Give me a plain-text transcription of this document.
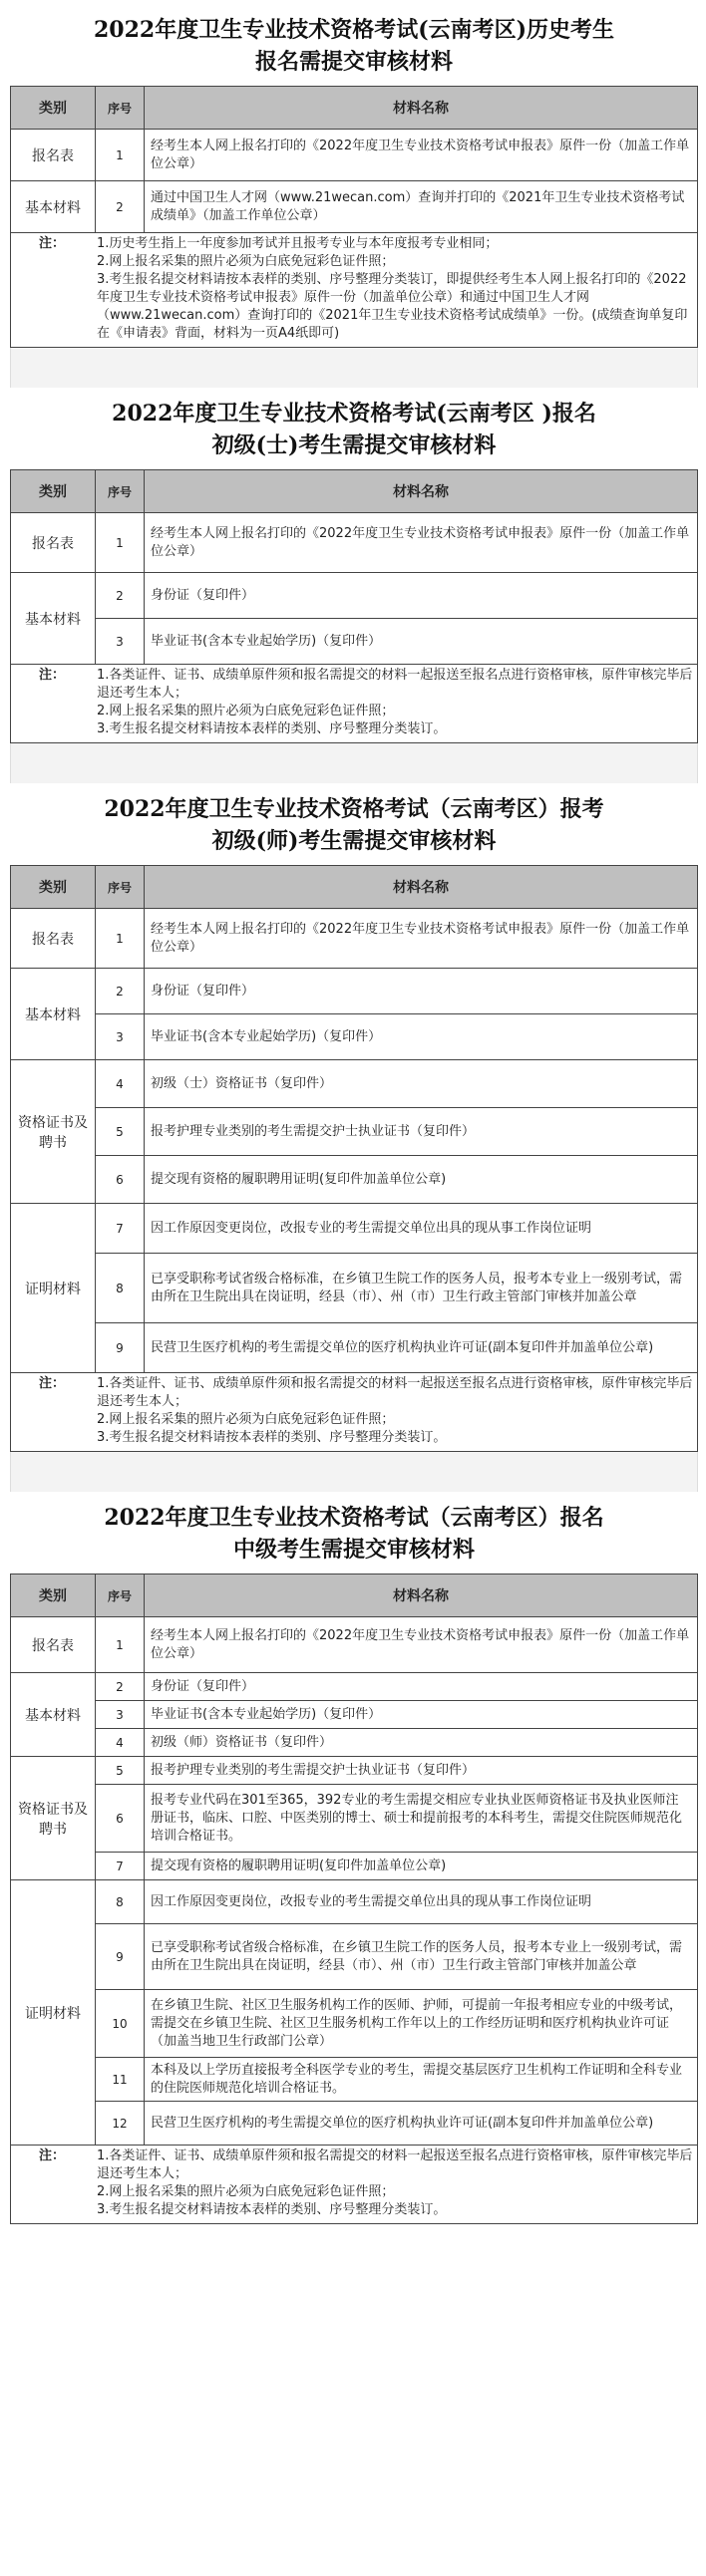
2022年度卫生专业技术资格考试(云南考区)历史考生
报名需提交审核材料
类别	序号	材料名称
报名表	1	经考生本人网上报名打印的《2022年度卫生专业技术资格考试申报表》原件一份（加盖工作单位公章）
基本材料	2	通过中国卫生人才网（www.21wecan.com）查询并打印的《2021年卫生专业技术资格考试成绩单》（加盖工作单位公章）
注：	1.历史考生指上一年度参加考试并且报考专业与本年度报考专业相同；
2.网上报名采集的照片必须为白底免冠彩色证件照；
3.考生报名提交材料请按本表样的类别、序号整理分类装订，即提供经考生本人网上报名打印的《2022年度卫生专业技术资格考试申报表》原件一份（加盖单位公章）和通过中国卫生人才网（www.21wecan.com）查询打印的《2021年卫生专业技术资格考试成绩单》一份。(成绩查询单复印在《申请表》背面，材料为一页A4纸即可)
2022年度卫生专业技术资格考试(云南考区 )报名
初级(士)考生需提交审核材料
类别	序号	材料名称
报名表	1	经考生本人网上报名打印的《2022年度卫生专业技术资格考试申报表》原件一份（加盖工作单位公章）
基本材料	2	身份证（复印件）
	3	毕业证书(含本专业起始学历)（复印件）
注：	1.各类证件、证书、成绩单原件须和报名需提交的材料一起报送至报名点进行资格审核，原件审核完毕后退还考生本人；
2.网上报名采集的照片必须为白底免冠彩色证件照；
3.考生报名提交材料请按本表样的类别、序号整理分类装订。
2022年度卫生专业技术资格考试（云南考区）报考
初级(师)考生需提交审核材料
类别	序号	材料名称
报名表	1	经考生本人网上报名打印的《2022年度卫生专业技术资格考试申报表》原件一份（加盖工作单位公章）
基本材料	2	身份证（复印件）
	3	毕业证书(含本专业起始学历)（复印件）
资格证书及聘书	4	初级（士）资格证书（复印件）
	5	报考护理专业类别的考生需提交护士执业证书（复印件）
	6	提交现有资格的履职聘用证明(复印件加盖单位公章)
证明材料	7	因工作原因变更岗位，改报专业的考生需提交单位出具的现从事工作岗位证明
	8	已享受职称考试省级合格标准，在乡镇卫生院工作的医务人员，报考本专业上一级别考试，需由所在卫生院出具在岗证明，经县（市）、州（市）卫生行政主管部门审核并加盖公章
	9	民营卫生医疗机构的考生需提交单位的医疗机构执业许可证(副本复印件并加盖单位公章)
注：	1.各类证件、证书、成绩单原件须和报名需提交的材料一起报送至报名点进行资格审核，原件审核完毕后退还考生本人；
2.网上报名采集的照片必须为白底免冠彩色证件照；
3.考生报名提交材料请按本表样的类别、序号整理分类装订。
2022年度卫生专业技术资格考试（云南考区）报名
中级考生需提交审核材料
类别	序号	材料名称
报名表	1	经考生本人网上报名打印的《2022年度卫生专业技术资格考试申报表》原件一份（加盖工作单位公章）
基本材料	2	身份证（复印件）
	3	毕业证书(含本专业起始学历)（复印件）
	4	初级（师）资格证书（复印件）
资格证书及聘书	5	报考护理专业类别的考生需提交护士执业证书（复印件）
	6	报考专业代码在301至365，392专业的考生需提交相应专业执业医师资格证书及执业医师注册证书，临床、口腔、中医类别的博士、硕士和提前报考的本科考生，需提交住院医师规范化培训合格证书。
	7	提交现有资格的履职聘用证明(复印件加盖单位公章)
证明材料	8	因工作原因变更岗位，改报专业的考生需提交单位出具的现从事工作岗位证明
	9	已享受职称考试省级合格标准，在乡镇卫生院工作的医务人员，报考本专业上一级别考试，需由所在卫生院出具在岗证明，经县（市）、州（市）卫生行政主管部门审核并加盖公章
	10	在乡镇卫生院、社区卫生服务机构工作的医师、护师，可提前一年报考相应专业的中级考试，需提交在乡镇卫生院、社区卫生服务机构工作年以上的工作经历证明和医疗机构执业许可证（加盖当地卫生行政部门公章）
	11	本科及以上学历直接报考全科医学专业的考生，需提交基层医疗卫生机构工作证明和全科专业的住院医师规范化培训合格证书。
	12	民营卫生医疗机构的考生需提交单位的医疗机构执业许可证(副本复印件并加盖单位公章)
注：	1.各类证件、证书、成绩单原件须和报名需提交的材料一起报送至报名点进行资格审核，原件审核完毕后退还考生本人；
2.网上报名采集的照片必须为白底免冠彩色证件照；
3.考生报名提交材料请按本表样的类别、序号整理分类装订。
